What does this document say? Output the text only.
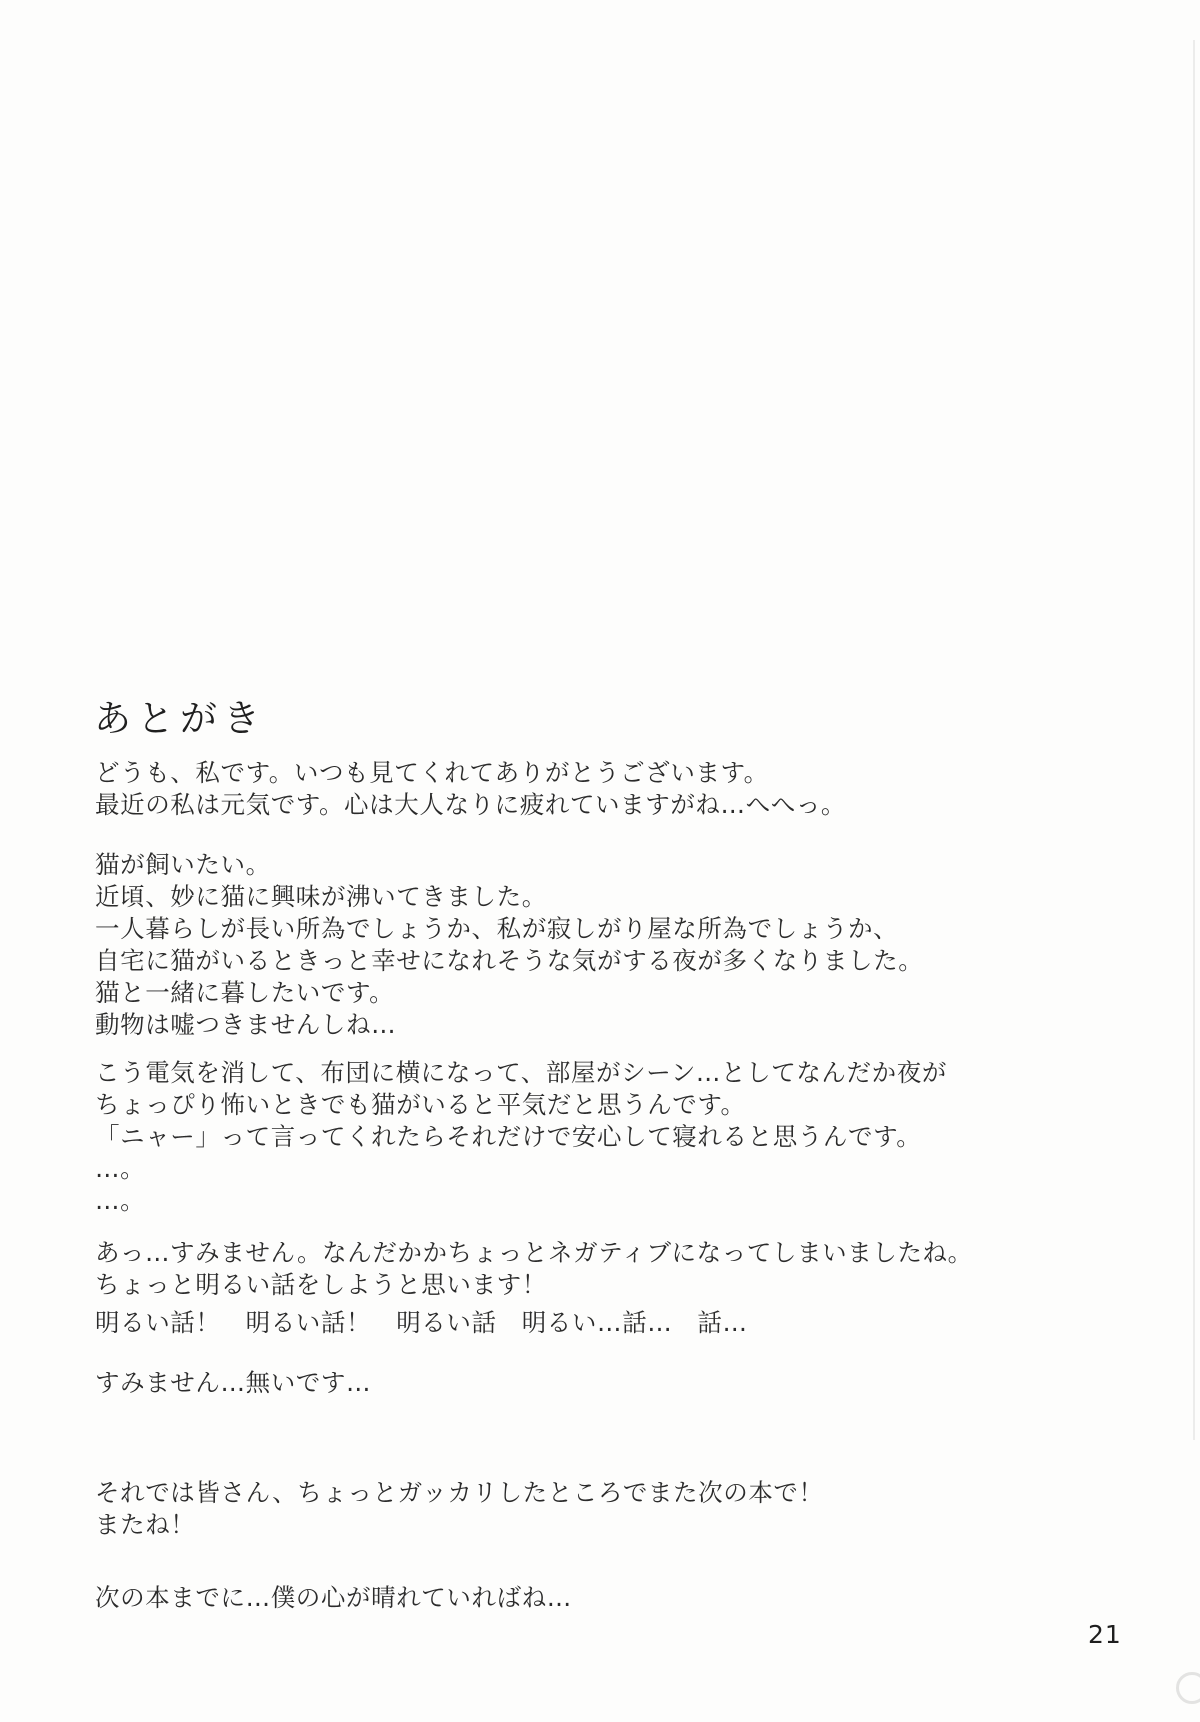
あとがき
どうも、私です。いつも見てくれてありがとうございます。
最近の私は元気です。心は大人なりに疲れていますがね…へへっ。
猫が飼いたい。
近頃、妙に猫に興味が沸いてきました。
一人暮らしが長い所為でしょうか、私が寂しがり屋な所為でしょうか、
自宅に猫がいるときっと幸せになれそうな気がする夜が多くなりました。
猫と一緒に暮したいです。
動物は嘘つきませんしね…
こう電気を消して、布団に横になって、部屋がシーン…としてなんだか夜が
ちょっぴり怖いときでも猫がいると平気だと思うんです。
「ニャー」って言ってくれたらそれだけで安心して寝れると思うんです。
…。
…。
あっ…すみません。なんだかかちょっとネガティブになってしまいましたね。
ちょっと明るい話をしようと思います！
明るい話！　明るい話！　明るい話　明るい…話…　話…
すみません…無いです…
それでは皆さん、ちょっとガッカリしたところでまた次の本で！
またね！
次の本までに…僕の心が晴れていればね…
21
